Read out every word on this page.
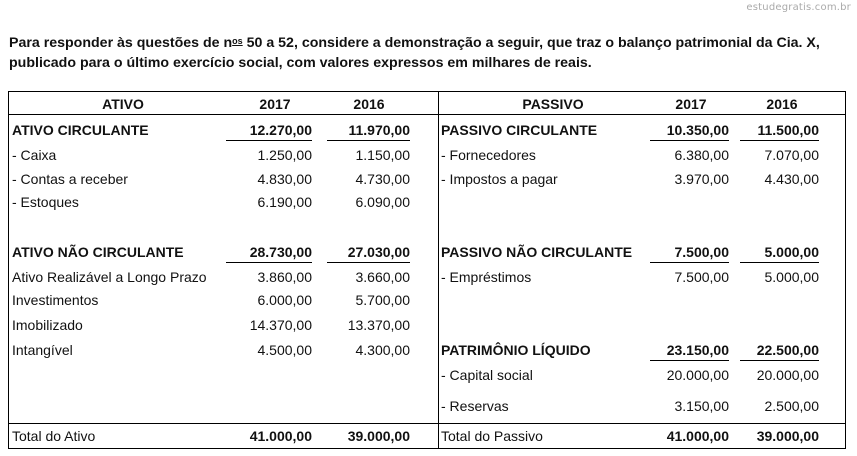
estudegratis.com.br
Para responder às questões de $n^{os}$ 50 a 52, considere a demonstração a seguir, que traz o balanço patrimonial da Cia. X, publicado para o último exercício social, com valores expressos em milhares de reais.
ATIVO	2017	2016
ATIVO CIRCULANTE	12.270,00	11.970,00
- Caixa	1.250,00	1.150,00
- Contas a receber	4.830,00	4.730,00
- Estoques	6.190,00	6.090,00
ATIVO NÃO CIRCULANTE	28.730,00	27.030,00
Ativo Realizável a Longo Prazo	3.860,00	3.660,00
Investimentos	6.000,00	5.700,00
Imobilizado	14.370,00	13.370,00
Intangível	4.500,00	4.300,00
Total do Ativo	41.000,00	39.000,00
PASSIVO	2017	2016
PASSIVO CIRCULANTE	10.350,00	11.500,00
- Fornecedores	6.380,00	7.070,00
- Impostos a pagar	3.970,00	4.430,00
PASSIVO NÃO CIRCULANTE	7.500,00	5.000,00
- Empréstimos	7.500,00	5.000,00
PATRIMÔNIO LÍQUIDO	23.150,00	22.500,00
- Capital social	20.000,00	20.000,00
- Reservas	3.150,00	2.500,00
Total do Passivo	41.000,00	39.000,00
